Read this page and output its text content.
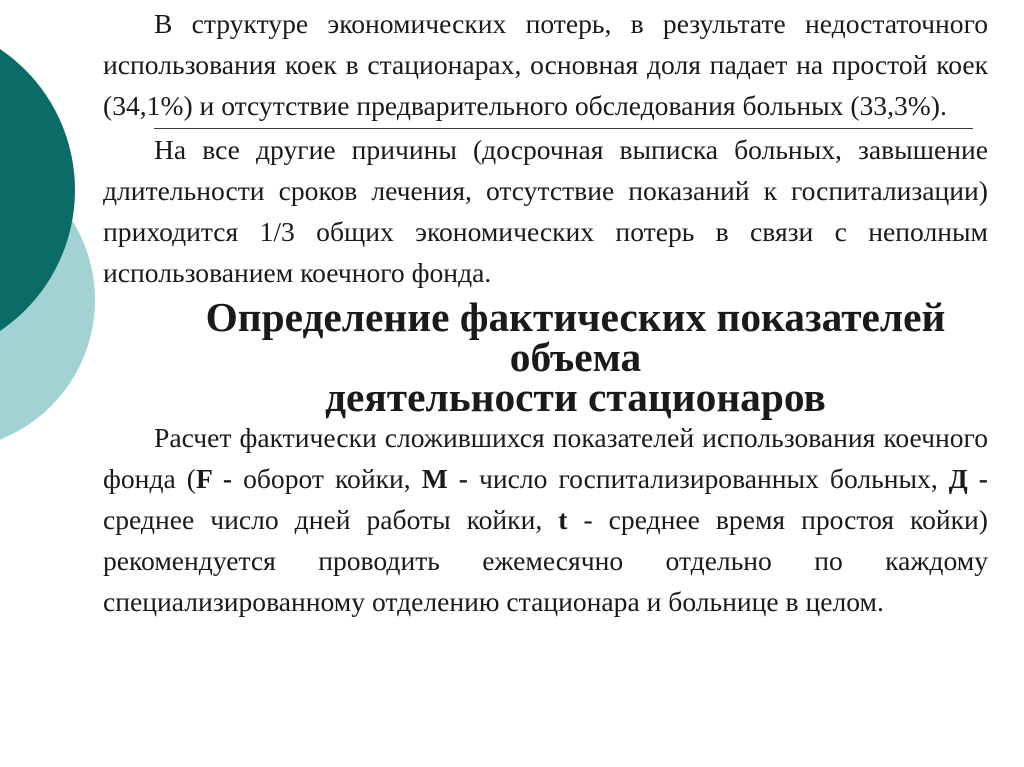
В структуре экономических потерь, в результате недостаточного использования коек в стационарах, основная доля падает на простой коек (34,1%) и отсутствие предварительного обследования больных (33,3%).

На все другие причины (досрочная выписка больных, завышение длительности сроков лечения, отсутствие показаний к госпитализации) приходится 1/3 общих экономических потерь в связи с неполным использованием коечного фонда.

Определение фактических показателей объема
деятельности стационаров

Расчет фактически сложившихся показателей использования коечного фонда (F - оборот койки, М - число госпитализированных больных, Д - среднее число дней работы койки, t - среднее время простоя койки) рекомендуется проводить ежемесячно отдельно по каждому специализированному отделению стационара и больнице в целом.
